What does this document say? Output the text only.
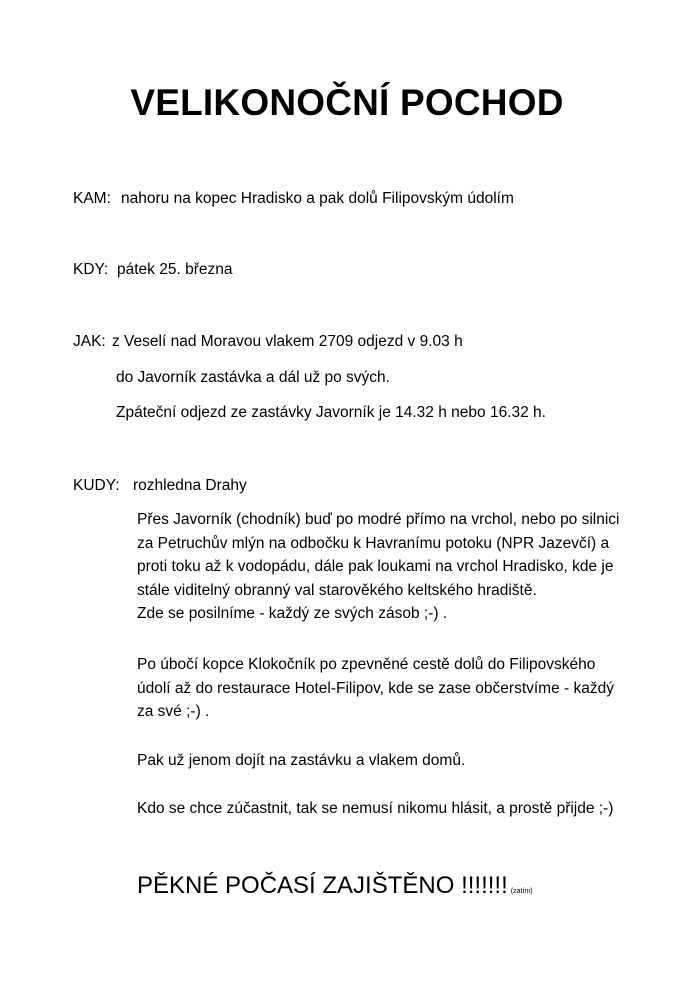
VELIKONOČNÍ POCHOD
KAM: nahoru na kopec Hradisko a pak dolů Filipovským údolím
KDY: pátek 25. března
JAK: z Veselí nad Moravou vlakem 2709 odjezd v 9.03 h
do Javorník zastávka a dál už po svých.
Zpáteční odjezd ze zastávky Javorník je 14.32 h nebo 16.32 h.
KUDY: rozhledna Drahy
Přes Javorník (chodník) buď po modré přímo na vrchol, nebo po silnici
za Petruchův mlýn na odbočku k Havranímu potoku (NPR Jazevčí) a
proti toku až k vodopádu, dále pak loukami na vrchol Hradisko, kde je
stále viditelný obranný val starověkého keltského hradiště.
Zde se posilníme - každý ze svých zásob ;-) .
Po úbočí kopce Klokočník po zpevněné cestě dolů do Filipovského
údolí až do restaurace Hotel-Filipov, kde se zase občerstvíme - každý
za své ;-) .
Pak už jenom dojít na zastávku a vlakem domů.
Kdo se chce zúčastnit, tak se nemusí nikomu hlásit, a prostě přijde ;-)
PĚKNÉ POČASÍ ZAJIŠTĚNO !!!!!!! (zatím)
